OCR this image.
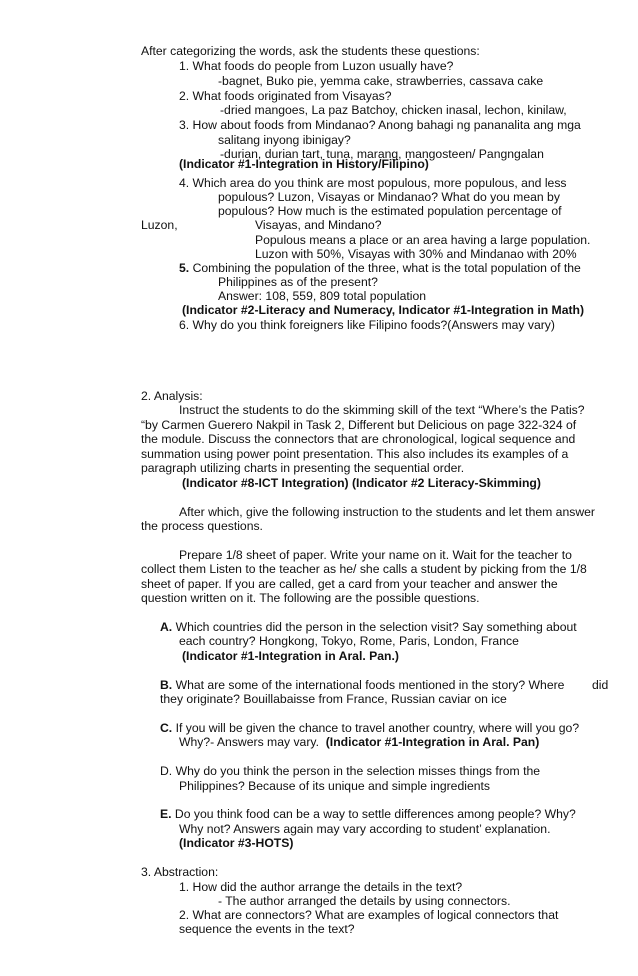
After categorizing the words, ask the students these questions:
1. What foods do people from Luzon usually have?
-bagnet, Buko pie, yemma cake, strawberries, cassava cake
2. What foods originated from Visayas?
-dried mangoes, La paz Batchoy, chicken inasal, lechon, kinilaw,
3. How about foods from Mindanao? Anong bahagi ng pananalita ang mga
salitang inyong ibinigay?
-durian, durian tart, tuna, marang, mangosteen/ Pangngalan
(Indicator #1-Integration in History/Filipino)
4. Which area do you think are most populous, more populous, and less
populous? Luzon, Visayas or Mindanao? What do you mean by
populous? How much is the estimated population percentage of
Luzon,	Visayas, and Mindano?
Populous means a place or an area having a large population.
Luzon with 50%, Visayas with 30% and Mindanao with 20%
5. Combining the population of the three, what is the total population of the
Philippines as of the present?
Answer: 108, 559, 809 total population
(Indicator #2-Literacy and Numeracy, Indicator #1-Integration in Math)
6. Why do you think foreigners like Filipino foods?(Answers may vary)
2. Analysis:
Instruct the students to do the skimming skill of the text “Where’s the Patis?
“by Carmen Guerero Nakpil in Task 2, Different but Delicious on page 322-324 of
the module. Discuss the connectors that are chronological, logical sequence and
summation using power point presentation. This also includes its examples of a
paragraph utilizing charts in presenting the sequential order.
(Indicator #8-ICT Integration) (Indicator #2 Literacy-Skimming)
After which, give the following instruction to the students and let them answer
the process questions.
Prepare 1/8 sheet of paper. Write your name on it. Wait for the teacher to
collect them Listen to the teacher as he/ she calls a student by picking from the 1/8
sheet of paper. If you are called, get a card from your teacher and answer the
question written on it. The following are the possible questions.
A. Which countries did the person in the selection visit? Say something about
each country? Hongkong, Tokyo, Rome, Paris, London, France
(Indicator #1-Integration in Aral. Pan.)
B. What are some of the international foods mentioned in the story? Where did
they originate? Bouillabaisse from France, Russian caviar on ice
C. If you will be given the chance to travel another country, where will you go?
Why?- Answers may vary. (Indicator #1-Integration in Aral. Pan)
D. Why do you think the person in the selection misses things from the
Philippines? Because of its unique and simple ingredients
E. Do you think food can be a way to settle differences among people? Why?
Why not? Answers again may vary according to student’ explanation.
(Indicator #3-HOTS)
3. Abstraction:
1. How did the author arrange the details in the text?
- The author arranged the details by using connectors.
2. What are connectors? What are examples of logical connectors that
sequence the events in the text?
